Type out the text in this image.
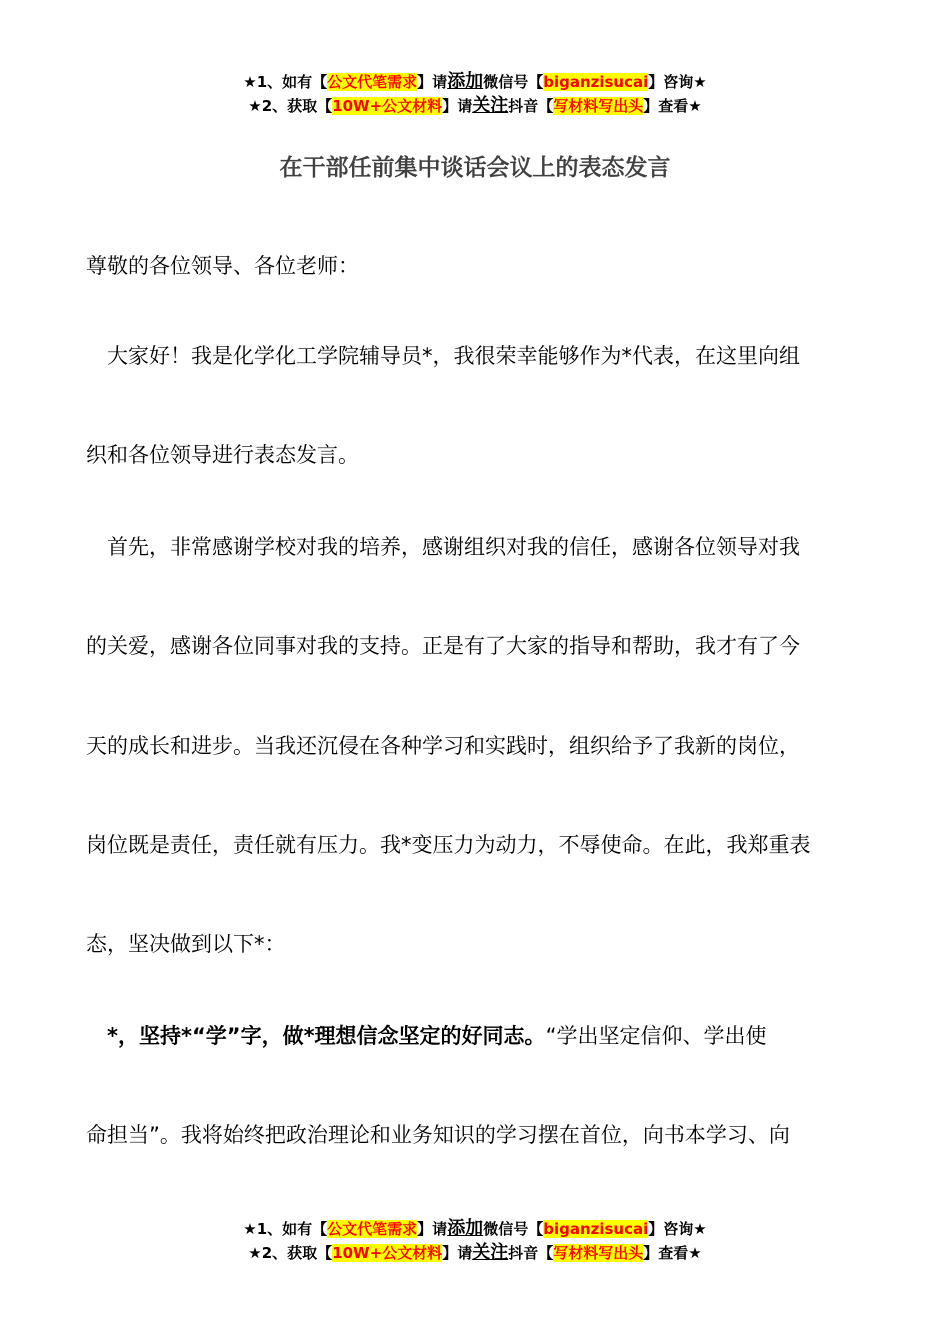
★1、如有【公文代笔需求】请添加微信号【biganzisucai】咨询★
★2、获取【10W+公文材料】请关注抖音【写材料写出头】查看★
在干部任前集中谈话会议上的表态发言
尊敬的各位领导、各位老师：
　大家好！我是化学化工学院辅导员*，我很荣幸能够作为*代表，在这里向组
织和各位领导进行表态发言。
　首先，非常感谢学校对我的培养，感谢组织对我的信任，感谢各位领导对我
的关爱，感谢各位同事对我的支持。正是有了大家的指导和帮助，我才有了今
天的成长和进步。当我还沉侵在各种学习和实践时，组织给予了我新的岗位，
岗位既是责任，责任就有压力。我*变压力为动力，不辱使命。在此，我郑重表
态，坚决做到以下*：
　*，坚持*“学”字，做*理想信念坚定的好同志。“学出坚定信仰、学出使
命担当”。我将始终把政治理论和业务知识的学习摆在首位，向书本学习、向
★1、如有【公文代笔需求】请添加微信号【biganzisucai】咨询★
★2、获取【10W+公文材料】请关注抖音【写材料写出头】查看★
